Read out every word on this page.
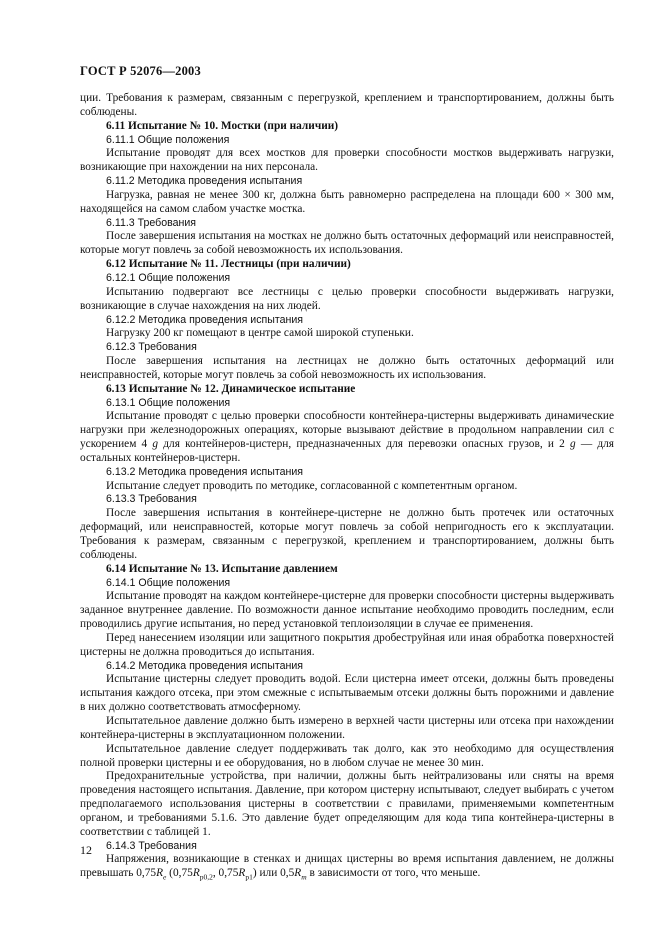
ГОСТ Р 52076—2003

ции. Требования к размерам, связанным с перегрузкой, креплением и транспортированием, должны быть соблюдены.

6.11 Испытание № 10. Мостки (при наличии)

6.11.1 Общие положения

Испытание проводят для всех мостков для проверки способности мостков выдерживать нагрузки, возникающие при нахождении на них персонала.

6.11.2 Методика проведения испытания

Нагрузка, равная не менее 300 кг, должна быть равномерно распределена на площади 600 × 300 мм, находящейся на самом слабом участке мостка.

6.11.3 Требования

После завершения испытания на мостках не должно быть остаточных деформаций или неисправностей, которые могут повлечь за собой невозможность их использования.

6.12 Испытание № 11. Лестницы (при наличии)

6.12.1 Общие положения

Испытанию подвергают все лестницы с целью проверки способности выдерживать нагрузки, возникающие в случае нахождения на них людей.

6.12.2 Методика проведения испытания

Нагрузку 200 кг помещают в центре самой широкой ступеньки.

6.12.3 Требования

После завершения испытания на лестницах не должно быть остаточных деформаций или неисправностей, которые могут повлечь за собой невозможность их использования.

6.13 Испытание № 12. Динамическое испытание

6.13.1 Общие положения

Испытание проводят с целью проверки способности контейнера-цистерны выдерживать динамические нагрузки при железнодорожных операциях, которые вызывают действие в продольном направлении сил с ускорением 4 g для контейнеров-цистерн, предназначенных для перевозки опасных грузов, и 2 g — для остальных контейнеров-цистерн.

6.13.2 Методика проведения испытания

Испытание следует проводить по методике, согласованной с компетентным органом.

6.13.3 Требования

После завершения испытания в контейнере-цистерне не должно быть протечек или остаточных деформаций, или неисправностей, которые могут повлечь за собой непригодность его к эксплуатации. Требования к размерам, связанным с перегрузкой, креплением и транспортированием, должны быть соблюдены.

6.14 Испытание № 13. Испытание давлением

6.14.1 Общие положения

Испытание проводят на каждом контейнере-цистерне для проверки способности цистерны выдерживать заданное внутреннее давление. По возможности данное испытание необходимо проводить последним, если проводились другие испытания, но перед установкой теплоизоляции в случае ее применения.

Перед нанесением изоляции или защитного покрытия дробеструйная или иная обработка поверхностей цистерны не должна проводиться до испытания.

6.14.2 Методика проведения испытания

Испытание цистерны следует проводить водой. Если цистерна имеет отсеки, должны быть проведены испытания каждого отсека, при этом смежные с испытываемым отсеки должны быть порожними и давление в них должно соответствовать атмосферному.

Испытательное давление должно быть измерено в верхней части цистерны или отсека при нахождении контейнера-цистерны в эксплуатационном положении.

Испытательное давление следует поддерживать так долго, как это необходимо для осуществления полной проверки цистерны и ее оборудования, но в любом случае не менее 30 мин.

Предохранительные устройства, при наличии, должны быть нейтрализованы или сняты на время проведения настоящего испытания. Давление, при котором цистерну испытывают, следует выбирать с учетом предполагаемого использования цистерны в соответствии с правилами, применяемыми компетентным органом, и требованиями 5.1.6. Это давление будет определяющим для кода типа контейнера-цистерны в соответствии с таблицей 1.

6.14.3 Требования

Напряжения, возникающие в стенках и днищах цистерны во время испытания давлением, не должны превышать $0,75R_e$ ($0,75R_{p0,2}$, $0,75R_{p1}$) или $0,5R_m$ в зависимости от того, что меньше.

12
